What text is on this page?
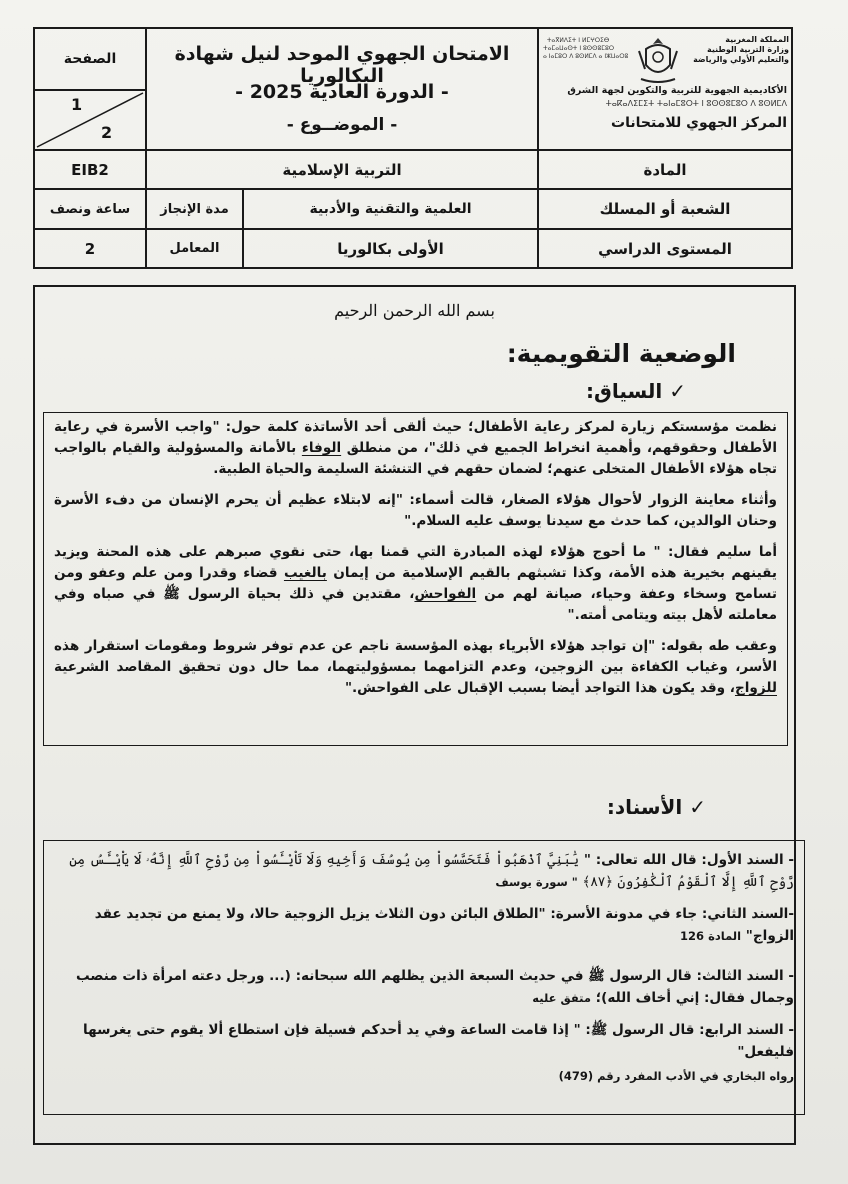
الصفحة
1
2
الامتحان الجهوي الموحد لنيل شهادة البكالوريا
- الدورة العادية 2025 -
- الموضــوع -
ⵜⴰⴳⵍⴷⵉⵜ ⵏ ⵍⵎⵖⵔⵉⴱ
ⵜⴰⵎⴰⵡⴰⵙⵜ ⵏ ⵓⵙⵙⵓⵎⵓⵔ
ⴰ ⵏⴰⵎⵓⵔ ⴷ ⵓⵙⵍⵎⴷ ⴰ ⵏⵣⵡⴰⵔⵓ
المملكة المغربية
وزارة التربية الوطنية
والتعليم الأولي والرياضة
الأكاديمية الجهوية للتربية والتكوين لجهة الشرق
ⵜⴰⴽⴰⴷⵉⵎⵉⵜ ⵜⴰⵏⴰⵎⵓⵔⵜ ⵏ ⵓⵙⵙⵓⵎⵓⵔ ⴷ ⵓⵙⵍⵎⴷ
المركز الجهوي للامتحانات
المادة
التربية الإسلامية
EIB2
الشعبة أو المسلك
العلمية والتقنية والأدبية
مدة الإنجاز
ساعة ونصف
المستوى الدراسي
الأولى بكالوريا
المعامل
2
بسم الله الرحمن الرحيم
الوضعية التقويمية:
✓ السياق:

نظمت مؤسستكم زيارة لمركز رعاية الأطفال؛ حيث ألقى أحد الأساتذة كلمة حول: "واجب الأسرة في رعاية الأطفال وحقوقهم، وأهمية انخراط الجميع في ذلك"، من منطلق الوفاء بالأمانة والمسؤولية والقيام بالواجب تجاه هؤلاء الأطفال المتخلى عنهم؛ لضمان حقهم في التنشئة السليمة والحياة الطبية.

وأثناء معاينة الزوار لأحوال هؤلاء الصغار، قالت أسماء: "إنه لابتلاء عظيم أن يحرم الإنسان من دفء الأسرة وحنان الوالدين، كما حدث مع سيدنا يوسف عليه السلام."

أما سليم فقال: " ما أحوج هؤلاء لهذه المبادرة التي قمنا بها، حتى نقوي صبرهم على هذه المحنة ويزيد يقينهم بخيرية هذه الأمة، وكذا تشبثهم بالقيم الإسلامية من إيمان بالغيب قضاء وقدرا ومن علم وعفو ومن تسامح وسخاء وعفة وحياء، صيانة لهم من الفواحش، مقتدين في ذلك بحياة الرسول ﷺ في صباه وفي معاملته لأهل بيته ويتامى أمته."

وعقب طه بقوله: "إن تواجد هؤلاء الأبرياء بهذه المؤسسة ناجم عن عدم توفر شروط ومقومات استقرار هذه الأسر، وغياب الكفاءة بين الزوجين، وعدم التزامهما بمسؤوليتهما، مما حال دون تحقيق المقاصد الشرعية للزواج، وقد يكون هذا التواجد أيضا بسبب الإقبال على الفواحش."

✓ الأسناد:

- السند الأول: قال الله تعالى: " يَٰبَنِيَّ ٱذْهَبُواْ فَتَحَسَّسُواْ مِن يُوسُفَ وَأَخِيهِ وَلَا تَاْيْـَٔسُواْ مِن رَّوْحِ ٱللَّهِ إِنَّهُۥ لَا يَاْيْـَٔسُ مِن رَّوْحِ ٱللَّهِ إِلَّا ٱلْقَوْمُ ٱلْكَٰفِرُونَ ﴿٨٧﴾ " سورة يوسف

-السند الثاني: جاء في مدونة الأسرة: "الطلاق البائن دون الثلاث يزيل الزوجية حالا، ولا يمنع من تجديد عقد الزواج" المادة 126

- السند الثالث: قال الرسول ﷺ في حديث السبعة الذين يظلهم الله سبحانه: (... ورجل دعته امرأة ذات منصب وجمال فقال: إني أخاف الله)؛ متفق عليه

- السند الرابع: قال الرسول ﷺ: " إذا قامت الساعة وفي يد أحدكم فسيلة فإن استطاع ألا يقوم حتى يغرسها فليفعل"

رواه البخاري في الأدب المفرد رقم (479)
